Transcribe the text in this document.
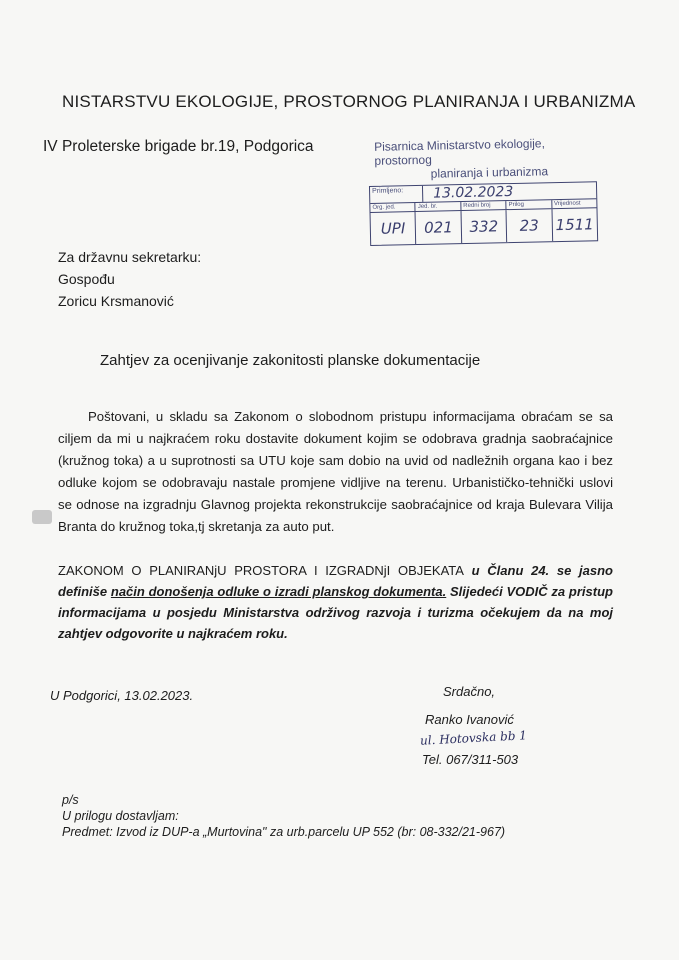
NISTARSTVU EKOLOGIJE, PROSTORNOG PLANIRANJA I URBANIZMA
IV Proleterske brigade br.19, Podgorica	Pisarnica Ministarstvo ekologije, prostornog
planiranja i urbanizma
Primljeno:	13.02.2023
Org. jed.	Jed. br.	Redni broj	Prilog	Vrijednost
UPI	021	332	23	1511
Za državnu sekretarku:
Gospođu
Zoricu Krsmanović
Zahtjev za ocenjivanje zakonitosti planske dokumentacije
Poštovani, u skladu sa Zakonom o slobodnom pristupu informacijama obraćam se sa ciljem da mi u najkraćem roku dostavite dokument kojim se odobrava gradnja saobraćajnice (kružnog toka) a u suprotnosti sa UTU koje sam dobio na uvid od nadležnih organa kao i bez odluke kojom se odobravaju nastale promjene vidljive na terenu. Urbanističko-tehnički uslovi se odnose na izgradnju Glavnog projekta rekonstrukcije saobraćajnice od kraja Bulevara Vilija Branta do kružnog toka,tj skretanja za auto put.
ZAKONOM O PLANIRANjU PROSTORA I IZGRADNjI OBJEKATA u Članu 24. se jasno definiše način donošenja odluke o izradi planskog dokumenta. Slijedeći VODIČ za pristup informacijama u posjedu Ministarstva održivog razvoja i turizma očekujem da na moj zahtjev odgovorite u najkraćem roku.
U Podgorici, 13.02.2023.	Srdačno,
Ranko Ivanović
ul. Hotovska bb 1
Tel. 067/311-503
p/s
U prilogu dostavljam:
Predmet: Izvod iz DUP-a „Murtovina" za urb.parcelu UP 552 (br: 08-332/21-967)
